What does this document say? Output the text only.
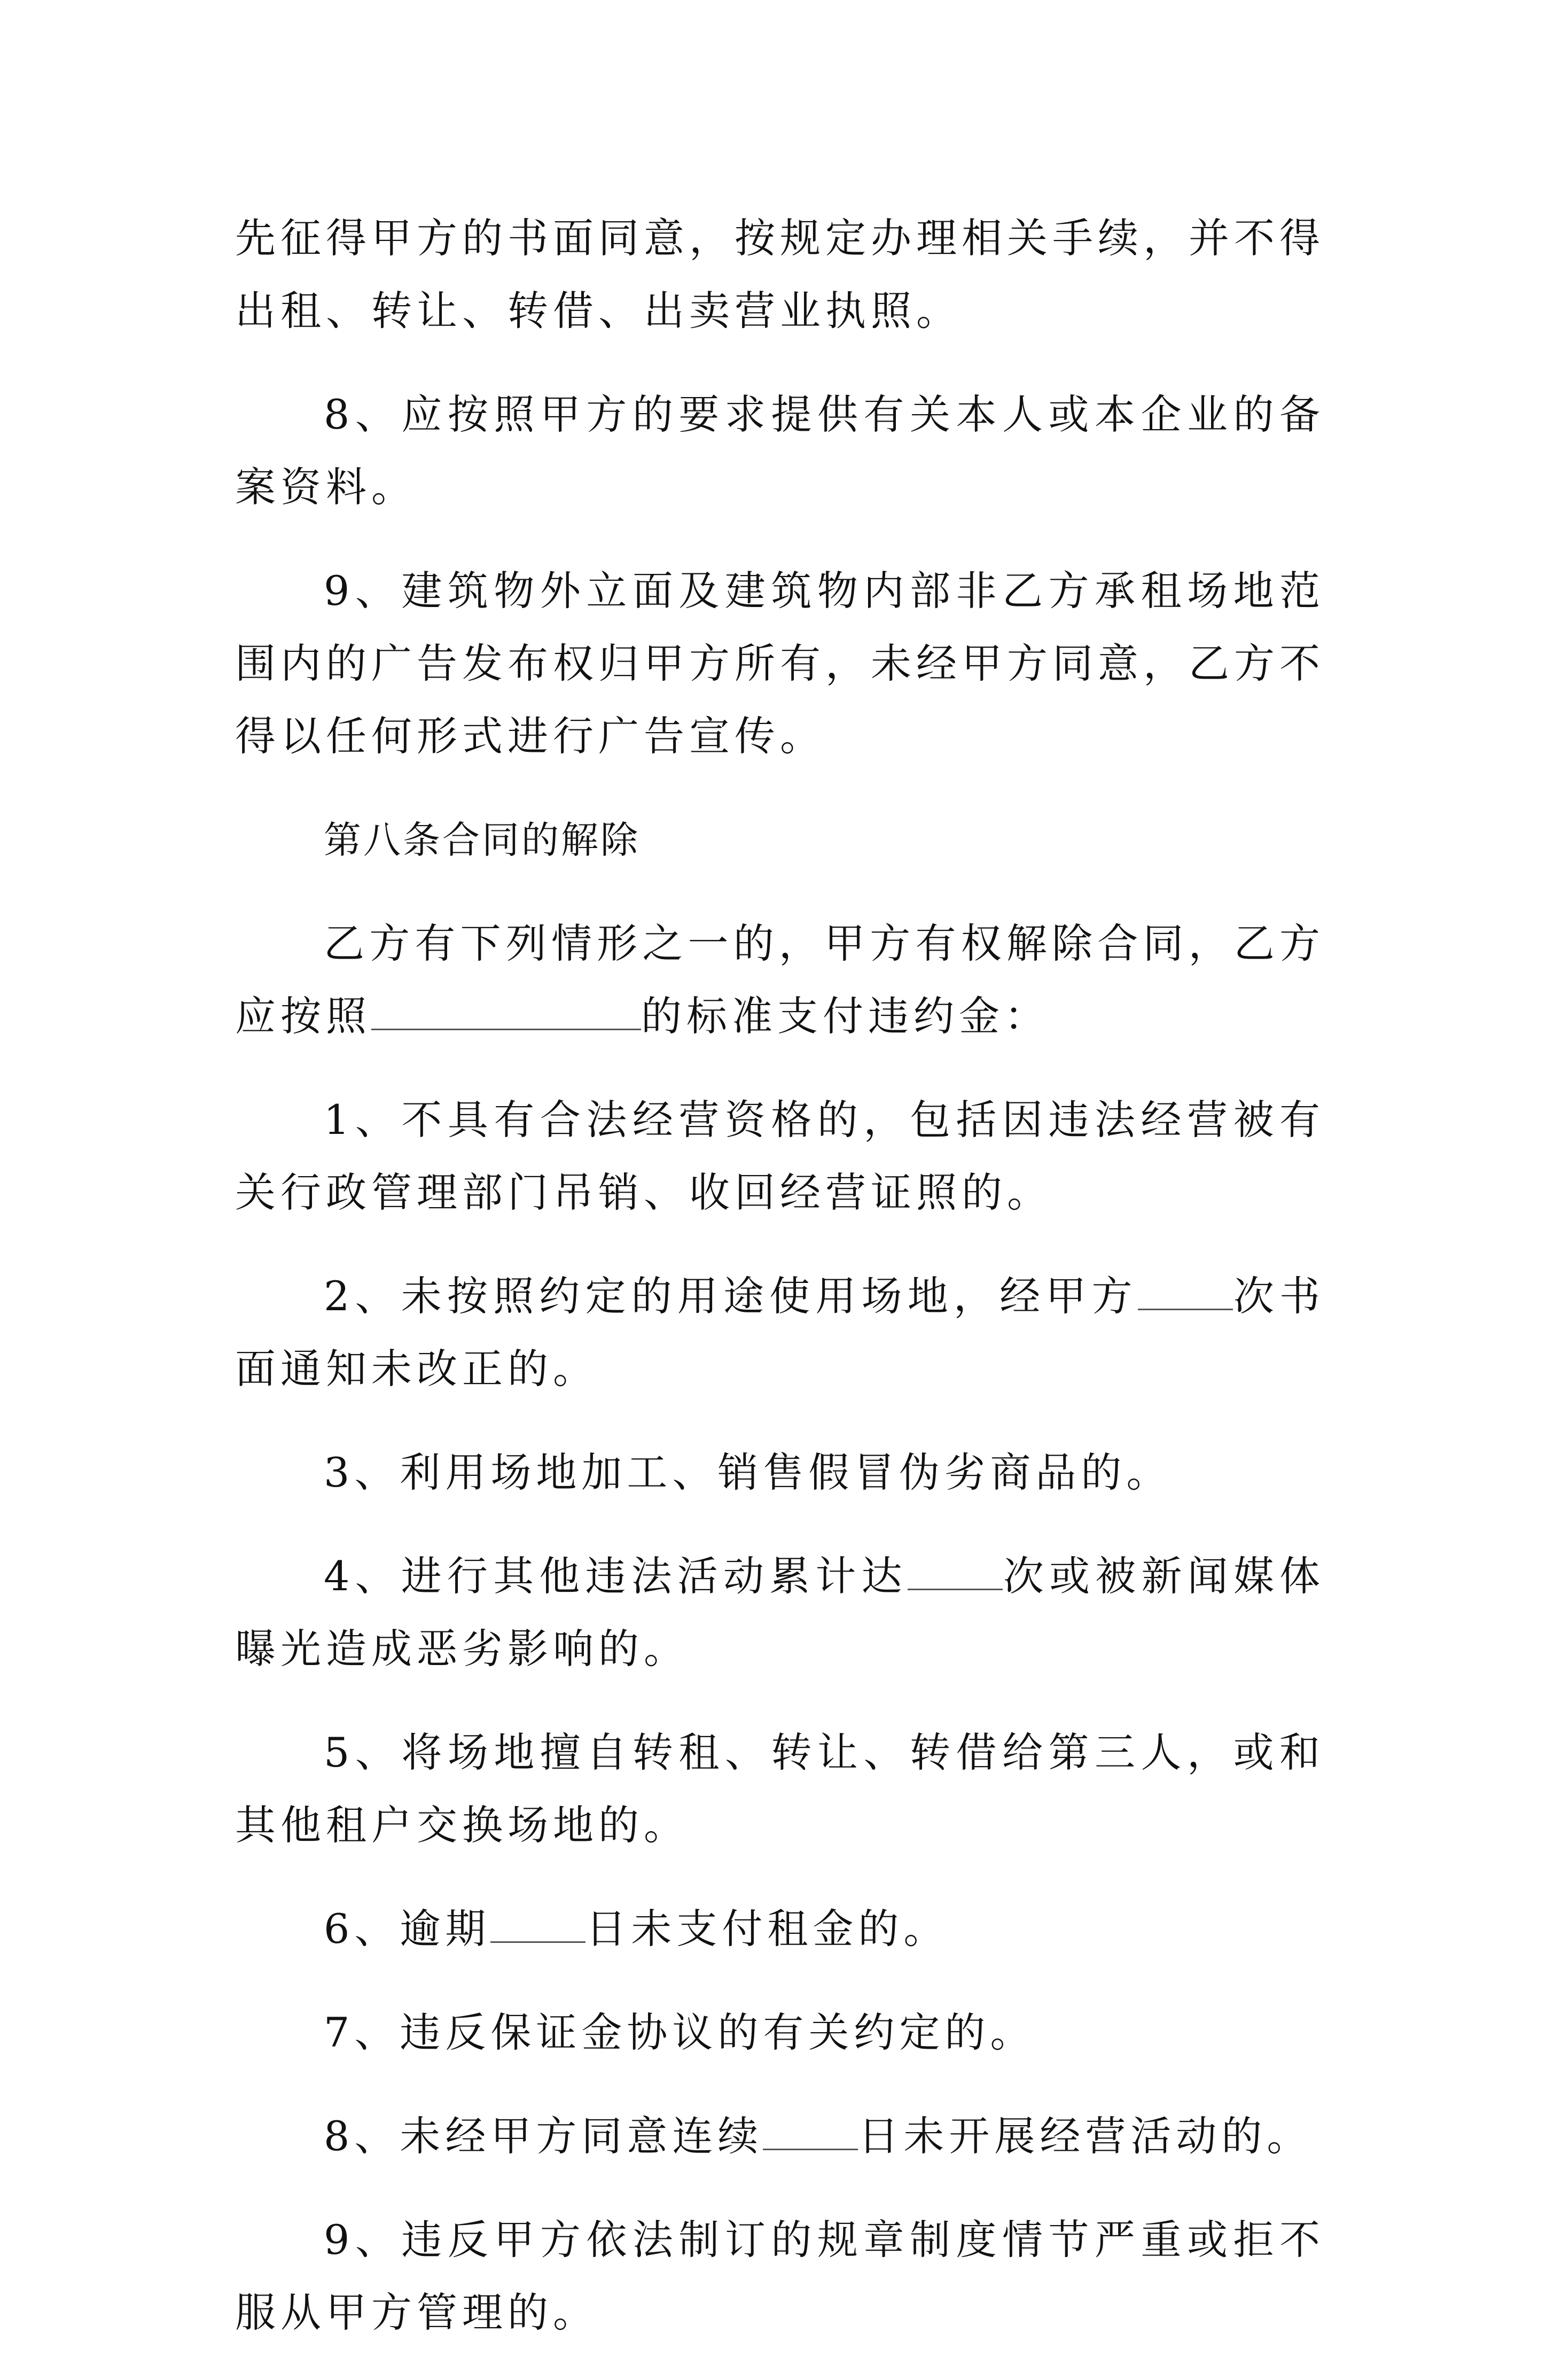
先征得甲方的书面同意，按规定办理相关手续，并不得出租、转让、转借、出卖营业执照。

8、应按照甲方的要求提供有关本人或本企业的备案资料。

9、建筑物外立面及建筑物内部非乙方承租场地范围内的广告发布权归甲方所有，未经甲方同意，乙方不得以任何形式进行广告宣传。

第八条合同的解除

乙方有下列情形之一的，甲方有权解除合同，乙方应按照	的标准支付违约金：

1、不具有合法经营资格的，包括因违法经营被有关行政管理部门吊销、收回经营证照的。

2、未按照约定的用途使用场地，经甲方 次书面通知未改正的。

3、利用场地加工、销售假冒伪劣商品的。

4、进行其他违法活动累计达 次或被新闻媒体曝光造成恶劣影响的。

5、将场地擅自转租、转让、转借给第三人，或和其他租户交换场地的。

6、逾期 日未支付租金的。

7、违反保证金协议的有关约定的。

8、未经甲方同意连续 日未开展经营活动的。

9、违反甲方依法制订的规章制度情节严重或拒不服从甲方管理的。
